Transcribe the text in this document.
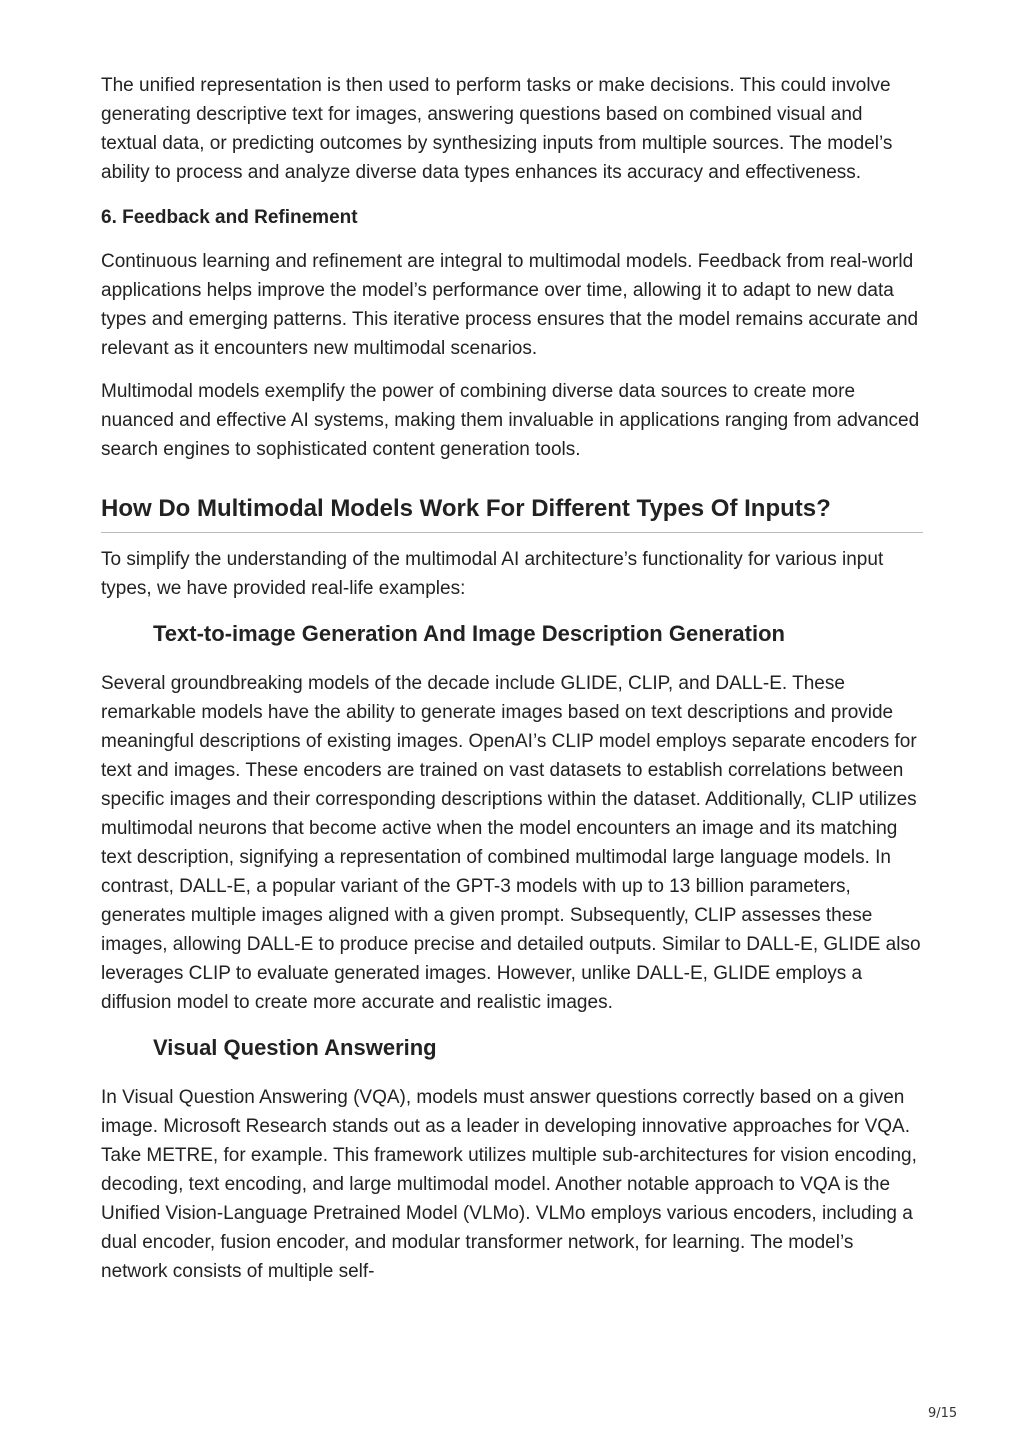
The unified representation is then used to perform tasks or make decisions. This could involve generating descriptive text for images, answering questions based on combined visual and textual data, or predicting outcomes by synthesizing inputs from multiple sources. The model’s ability to process and analyze diverse data types enhances its accuracy and effectiveness.

6. Feedback and Refinement

Continuous learning and refinement are integral to multimodal models. Feedback from real-world applications helps improve the model’s performance over time, allowing it to adapt to new data types and emerging patterns. This iterative process ensures that the model remains accurate and relevant as it encounters new multimodal scenarios.

Multimodal models exemplify the power of combining diverse data sources to create more nuanced and effective AI systems, making them invaluable in applications ranging from advanced search engines to sophisticated content generation tools.

How Do Multimodal Models Work For Different Types Of Inputs?

To simplify the understanding of the multimodal AI architecture’s functionality for various input types, we have provided real-life examples:

Text-to-image Generation And Image Description Generation

Several groundbreaking models of the decade include GLIDE, CLIP, and DALL-E. These remarkable models have the ability to generate images based on text descriptions and provide meaningful descriptions of existing images. OpenAI’s CLIP model employs separate encoders for text and images. These encoders are trained on vast datasets to establish correlations between specific images and their corresponding descriptions within the dataset. Additionally, CLIP utilizes multimodal neurons that become active when the model encounters an image and its matching text description, signifying a representation of combined multimodal large language models. In contrast, DALL-E, a popular variant of the GPT-3 models with up to 13 billion parameters, generates multiple images aligned with a given prompt. Subsequently, CLIP assesses these images, allowing DALL-E to produce precise and detailed outputs. Similar to DALL-E, GLIDE also leverages CLIP to evaluate generated images. However, unlike DALL-E, GLIDE employs a diffusion model to create more accurate and realistic images.

Visual Question Answering

In Visual Question Answering (VQA), models must answer questions correctly based on a given image. Microsoft Research stands out as a leader in developing innovative approaches for VQA. Take METRE, for example. This framework utilizes multiple sub-architectures for vision encoding, decoding, text encoding, and large multimodal model. Another notable approach to VQA is the Unified Vision-Language Pretrained Model (VLMo). VLMo employs various encoders, including a dual encoder, fusion encoder, and modular transformer network, for learning. The model’s network consists of multiple self-

9/15
